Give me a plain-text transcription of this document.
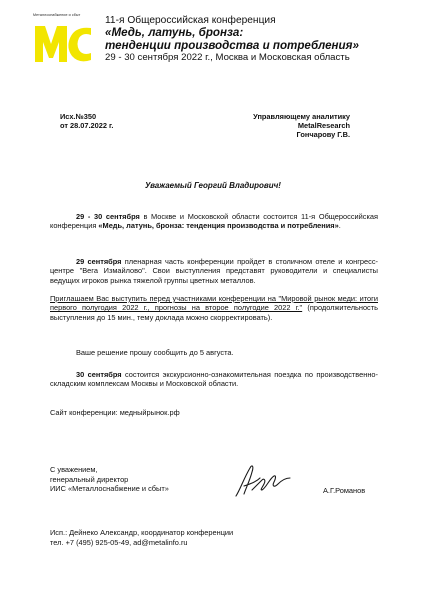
Металлоснабжение и сбыт 11-я Общероссийская конференция
«Медь, латунь, бронза:
тенденции производства и потребления»
29 - 30 сентября 2022 г., Москва и Московская область
Исх.№350
от 28.07.2022 г.
Управляющему аналитику
MetalResearch
Гончарову Г.В.
Уважаемый Георгий Владирович!
29 - 30 сентября в Москве и Московской области состоится 11-я Общероссийская конференция «Медь, латунь, бронза: тенденция производства и потребления».
29 сентября пленарная часть конференции пройдет в столичном отеле и конгресс-центре "Вега Измайлово". Свои выступления представят руководители и специалисты ведущих игроков рынка тяжелой группы цветных металлов.
Приглашаем Вас выступить перед участниками конференции на "Мировой рынок меди: итоги первого полугодия 2022 г., прогнозы на второе полугодие 2022 г." (продолжительность выступления до 15 мин., тему доклада можно скорректировать).
Ваше решение прошу сообщить до 5 августа.
30 сентября состоится экскурсионно-ознакомительная поездка по производственно-складским комплексам Москвы и Московской области.
Сайт конференции: медныйрынок.рф
С уважением,
генеральный директор
ИИС «Металлоснабжение и сбыт»	А.Г.Романов
Исп.: Дейнеко Александр, координатор конференции
тел. +7 (495) 925-05-49, ad@metalinfo.ru
